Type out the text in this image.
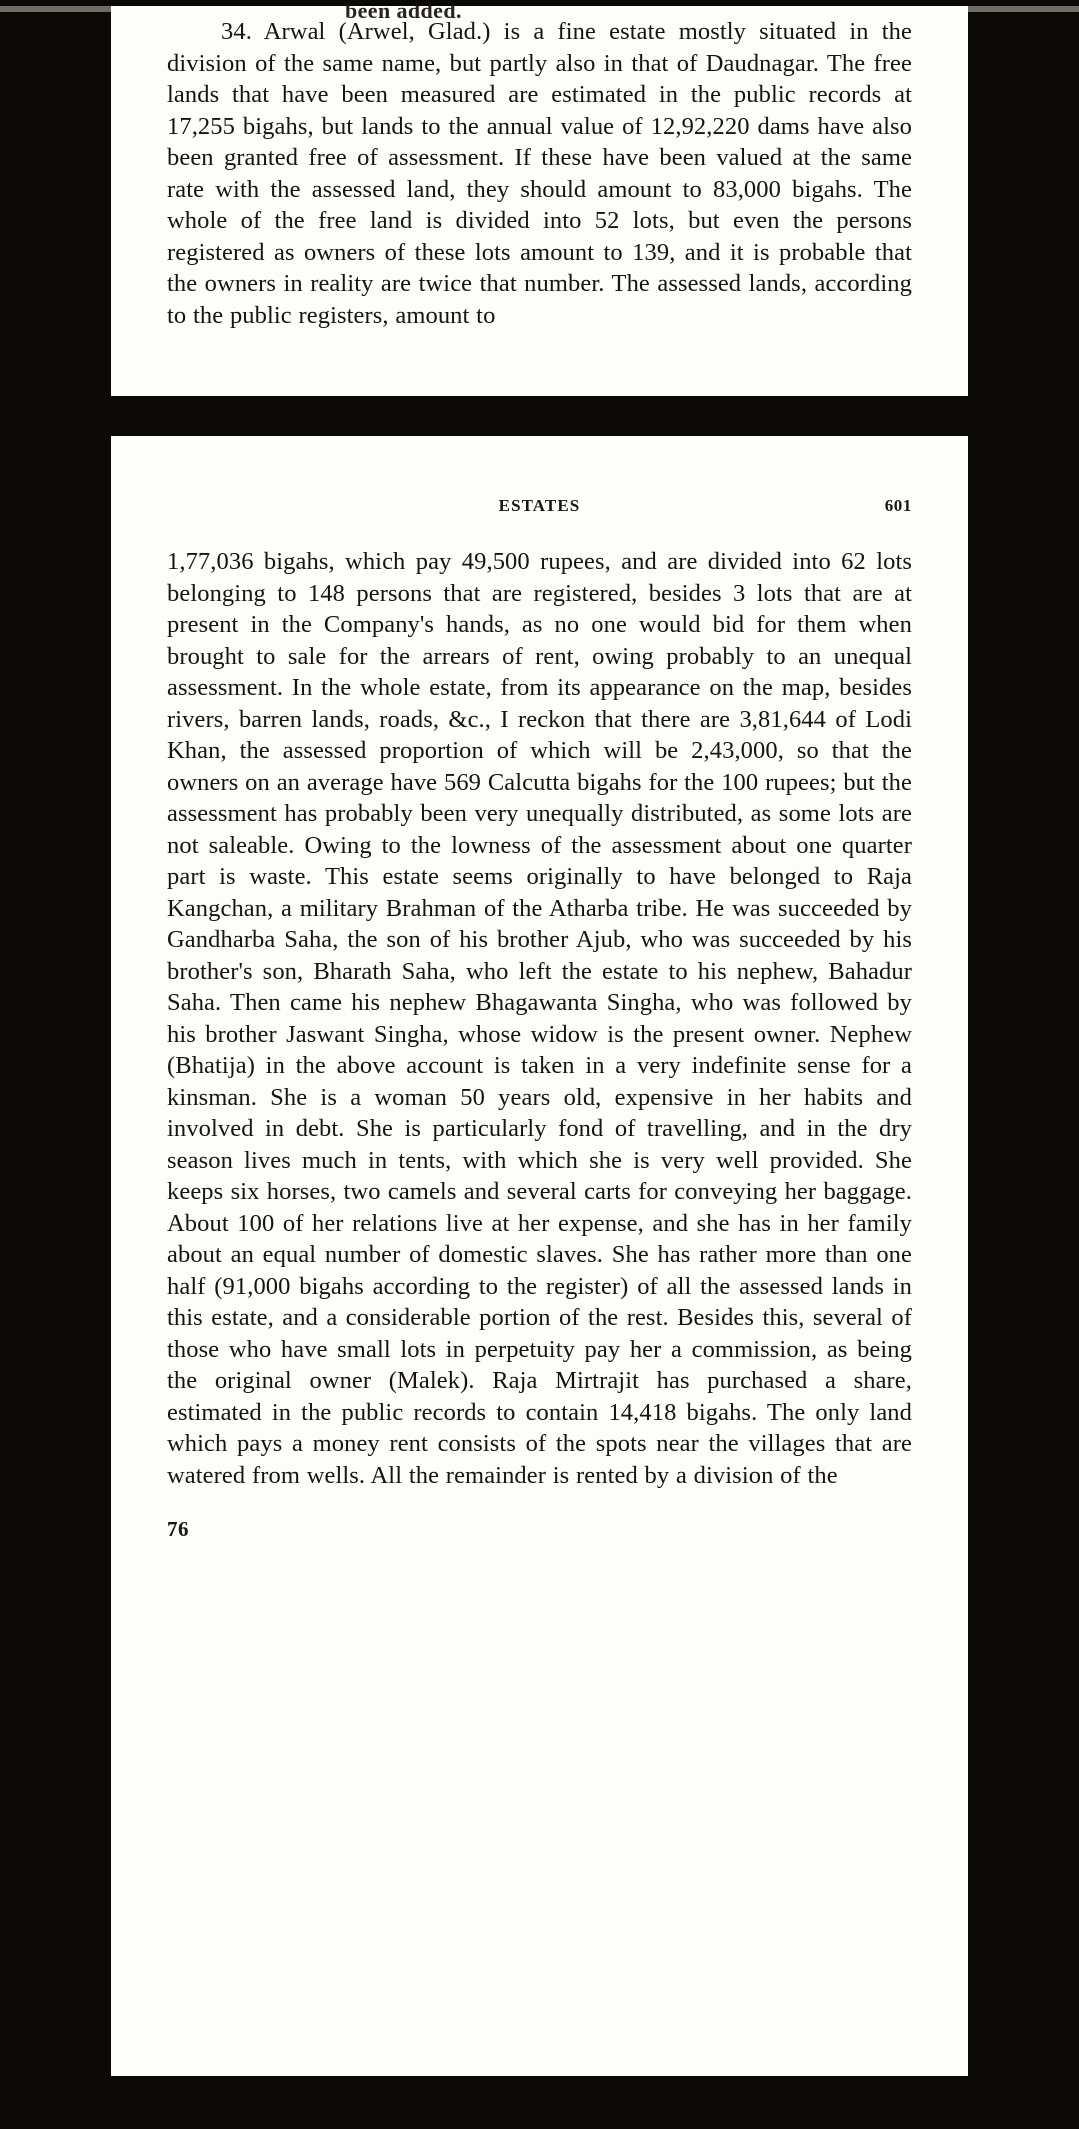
been added.

34. Arwal (Arwel, Glad.) is a fine estate mostly situated in the division of the same name, but partly also in that of Daudnagar. The free lands that have been measured are estimated in the public records at 17,255 bigahs, but lands to the annual value of 12,92,220 dams have also been granted free of assessment. If these have been valued at the same rate with the assessed land, they should amount to 83,000 bigahs. The whole of the free land is divided into 52 lots, but even the persons registered as owners of these lots amount to 139, and it is probable that the owners in reality are twice that number. The assessed lands, according to the public registers, amount to

ESTATES	601

1,77,036 bigahs, which pay 49,500 rupees, and are divided into 62 lots belonging to 148 persons that are registered, besides 3 lots that are at present in the Company's hands, as no one would bid for them when brought to sale for the arrears of rent, owing probably to an unequal assessment. In the whole estate, from its appearance on the map, besides rivers, barren lands, roads, &c., I reckon that there are 3,81,644 of Lodi Khan, the assessed proportion of which will be 2,43,000, so that the owners on an average have 569 Calcutta bigahs for the 100 rupees; but the assessment has probably been very unequally distributed, as some lots are not saleable. Owing to the lowness of the assessment about one quarter part is waste. This estate seems originally to have belonged to Raja Kangchan, a military Brahman of the Atharba tribe. He was succeeded by Gandharba Saha, the son of his brother Ajub, who was succeeded by his brother's son, Bharath Saha, who left the estate to his nephew, Bahadur Saha. Then came his nephew Bhagawanta Singha, who was followed by his brother Jaswant Singha, whose widow is the present owner. Nephew (Bhatija) in the above account is taken in a very indefinite sense for a kinsman. She is a woman 50 years old, expensive in her habits and involved in debt. She is particularly fond of travelling, and in the dry season lives much in tents, with which she is very well provided. She keeps six horses, two camels and several carts for conveying her baggage. About 100 of her relations live at her expense, and she has in her family about an equal number of domestic slaves. She has rather more than one half (91,000 bigahs according to the register) of all the assessed lands in this estate, and a considerable portion of the rest. Besides this, several of those who have small lots in perpetuity pay her a commission, as being the original owner (Malek). Raja Mirtrajit has purchased a share, estimated in the public records to contain 14,418 bigahs. The only land which pays a money rent consists of the spots near the villages that are watered from wells. All the remainder is rented by a division of the

76
